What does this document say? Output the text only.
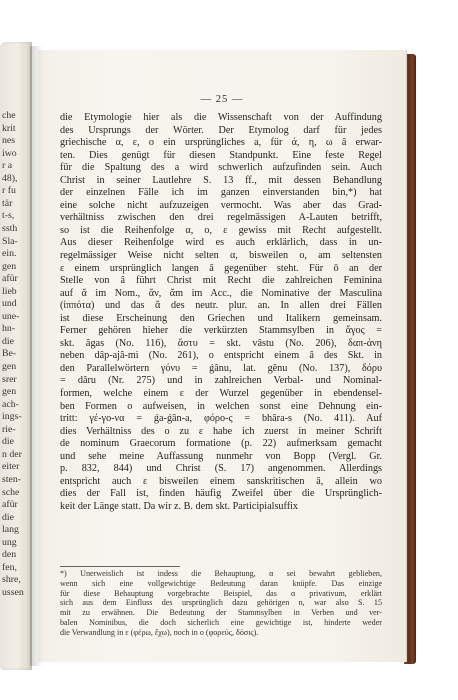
che
krit
nes
iwo
r a
48),
r fu
tär
t-s,
ssth
Sla-
ein.
gen
afür
lieb
und
une-
hn-
die
Be-
gen
srer
gen
ach-
ings-
rie-
die
n der
eiter
sten-
sche
afür
die
lang
ung
den
fen,
shre,
ussen
— 25 —
die Etymologie hier als die Wissenschaft von der Auffindung
des Ursprungs der Wörter. Der Etymolog darf für jedes
griechische α, ε, ο ein ursprüngliches a, für ά, η, ω â erwar-
ten. Dies genügt für diesen Standpunkt. Eine feste Regel
für die Spaltung des a wird schwerlich aufzufinden sein. Auch
Christ in seiner Lautlehre S. 13 ff., mit dessen Behandlung
der einzelnen Fälle ich im ganzen einverstanden bin,*) hat
eine solche nicht aufzuzeigen vermocht. Was aber das Grad-
verhältniss zwischen den drei regelmässigen A-Lauten betrifft,
so ist die Reihenfolge α, ο, ε gewiss mit Recht aufgestellt.
Aus dieser Reihenfolge wird es auch erklärlich, dass in un-
regelmässiger Weise nicht selten α, bisweilen ο, am seltensten
ε einem ursprünglich langen â gegenüber steht. Für ō an der
Stelle von â führt Christ mit Recht die zahlreichen Feminina
auf ᾰ im Nom., ᾰν, ᾰm im Acc., die Nominative der Masculina
(ἱππότα) und das ᾰ des neutr. plur. an. In allen drei Fällen
ist diese Erscheinung den Griechen und Italikern gemeinsam.
Ferner gehören hieher die verkürzten Stammsylben in ἄγος =
skt. âgas (No. 116), ἄστυ = skt. vâstu (No. 206), δαπ-άνη
neben dâp-ajâ-mi (No. 261), ο entspricht einem â des Skt. in
den Parallelwörtern γόνυ = ǵânu, lat. gĕnu (No. 137), δόρυ
= dâru (Nr. 275) und in zahlreichen Verbal- und Nominal-
formen, welche einem ε der Wurzel gegenüber in ebendensel-
ben Formen ο aufweisen, in welchen sonst eine Dehnung ein-
tritt: γέ-γο-να = ǵa-ǵân-a, φόρο-ς = bhâra-s (No. 411). Auf
dies Verhältniss des ο zu ε habe ich zuerst in meiner Schrift
de nominum Graecorum formatione (p. 22) aufmerksam gemacht
und sehe meine Auffassung nunmehr von Bopp (Vergl. Gr.
p. 832, 844) und Christ (S. 17) angenommen. Allerdings
entspricht auch ε bisweilen einem sanskritischen â, allein wo
dies der Fall ist, finden häufig Zweifel über die Ursprünglich-
keit der Länge statt. Da wir z. B. dem skt. Participialsuffix
*) Unerweislich ist indess die Behauptung, α sei bewahrt geblieben,
wenn sich eine vollgewichtige Bedeutung daran knüpfe. Das einzige
für diese Behauptung vorgebrachte Beispiel, das α privativum, erklärt
sich aus dem Einfluss des ursprünglich dazu gehörigen n, war also S. 15
mit zu erwähnen. Die Bedeutung der Stammsylben in Verben und ver-
balen Nominibus, die doch sicherlich eine gewichtige ist, hinderte weder
die Verwandlung in ε (φέρω, ἔχω), noch in ο (φορεύς, δόσις).
